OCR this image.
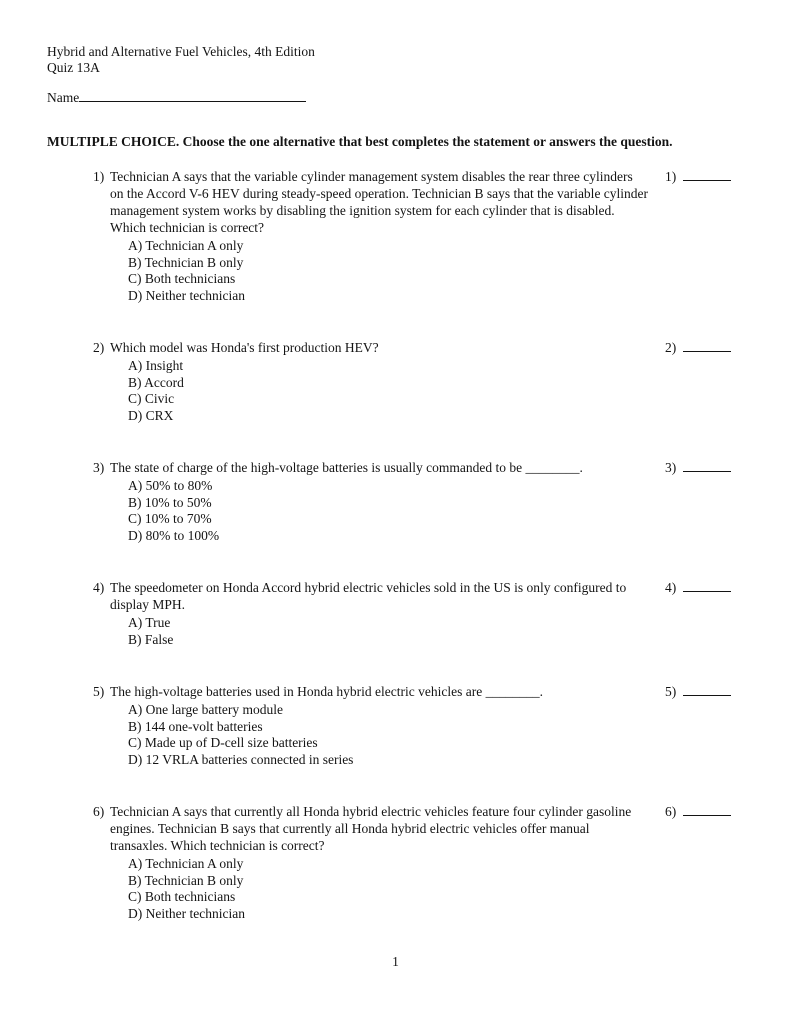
Hybrid and Alternative Fuel Vehicles, 4th Edition
Quiz 13A
Name
MULTIPLE CHOICE. Choose the one alternative that best completes the statement or answers the question.
1) Technician A says that the variable cylinder management system disables the rear three cylinders on the Accord V-6 HEV during steady-speed operation. Technician B says that the variable cylinder management system works by disabling the ignition system for each cylinder that is disabled. Which technician is correct?
A) Technician A only
B) Technician B only
C) Both technicians
D) Neither technician
1)
2) Which model was Honda's first production HEV?
A) Insight
B) Accord
C) Civic
D) CRX
2)
3) The state of charge of the high-voltage batteries is usually commanded to be ________.
A) 50% to 80%
B) 10% to 50%
C) 10% to 70%
D) 80% to 100%
3)
4) The speedometer on Honda Accord hybrid electric vehicles sold in the US is only configured to display MPH.
A) True
B) False
4)
5) The high-voltage batteries used in Honda hybrid electric vehicles are ________.
A) One large battery module
B) 144 one-volt batteries
C) Made up of D-cell size batteries
D) 12 VRLA batteries connected in series
5)
6) Technician A says that currently all Honda hybrid electric vehicles feature four cylinder gasoline engines. Technician B says that currently all Honda hybrid electric vehicles offer manual transaxles. Which technician is correct?
A) Technician A only
B) Technician B only
C) Both technicians
D) Neither technician
6)
1
